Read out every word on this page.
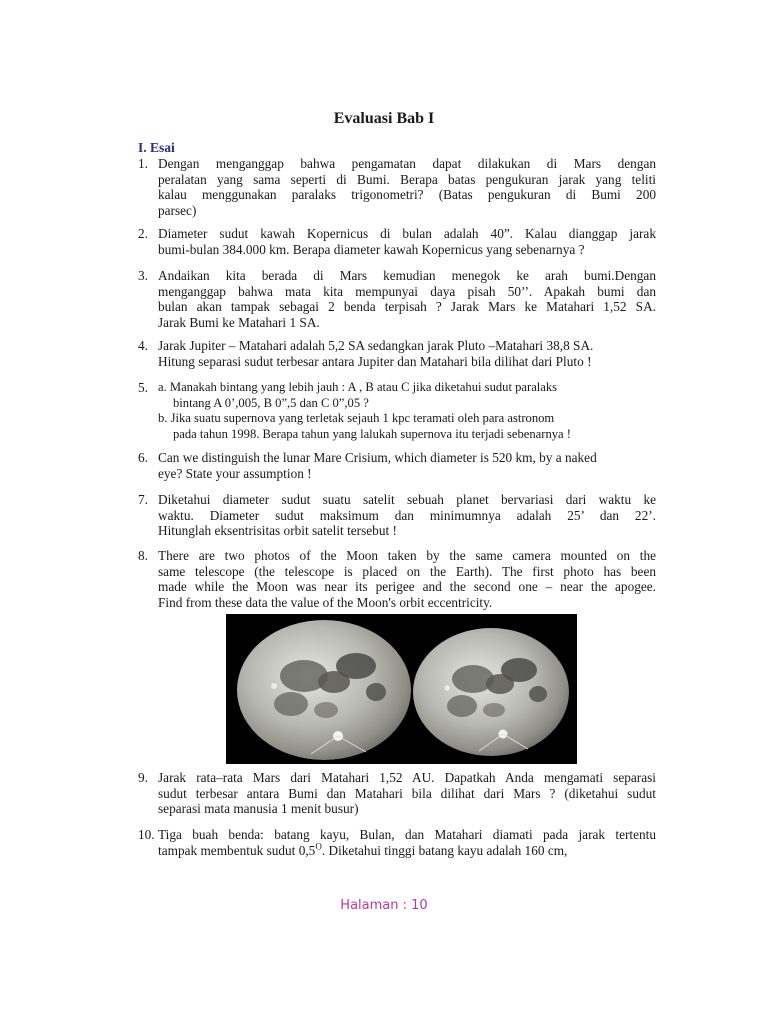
Evaluasi Bab I
I. Esai
1. Dengan menganggap bahwa pengamatan dapat dilakukan di Mars dengan
peralatan yang sama seperti di Bumi. Berapa batas pengukuran jarak yang teliti
kalau menggunakan paralaks trigonometri? (Batas pengukuran di Bumi 200
parsec)
2. Diameter sudut kawah Kopernicus di bulan adalah 40”. Kalau dianggap jarak
bumi-bulan 384.000 km. Berapa diameter kawah Kopernicus yang sebenarnya ?
3. Andaikan kita berada di Mars kemudian menegok ke arah bumi.Dengan
menganggap bahwa mata kita mempunyai daya pisah 50’’. Apakah bumi dan
bulan akan tampak sebagai 2 benda terpisah ? Jarak Mars ke Matahari 1,52 SA.
Jarak Bumi ke Matahari 1 SA.
4. Jarak Jupiter – Matahari adalah 5,2 SA sedangkan jarak Pluto –Matahari 38,8 SA.
Hitung separasi sudut terbesar antara Jupiter dan Matahari bila dilihat dari Pluto !
5. a. Manakah bintang yang lebih jauh : A , B atau C jika diketahui sudut paralaks
bintang A 0’,005, B 0”,5 dan C 0”,05 ?
b. Jika suatu supernova yang terletak sejauh 1 kpc teramati oleh para astronom
pada tahun 1998. Berapa tahun yang lalukah supernova itu terjadi sebenarnya !
6. Can we distinguish the lunar Mare Crisium, which diameter is 520 km, by a naked
eye? State your assumption !
7. Diketahui diameter sudut suatu satelit sebuah planet bervariasi dari waktu ke
waktu. Diameter sudut maksimum dan minimumnya adalah 25’ dan 22’.
Hitunglah eksentrisitas orbit satelit tersebut !
8. There are two photos of the Moon taken by the same camera mounted on the
same telescope (the telescope is placed on the Earth). The first photo has been
made while the Moon was near its perigee and the second one – near the apogee.
Find from these data the value of the Moon's orbit eccentricity.
9. Jarak rata–rata Mars dari Matahari 1,52 AU. Dapatkah Anda mengamati separasi
sudut terbesar antara Bumi dan Matahari bila dilihat dari Mars ? (diketahui sudut
separasi mata manusia 1 menit busur)
10. Tiga buah benda: batang kayu, Bulan, dan Matahari diamati pada jarak tertentu
tampak membentuk sudut $0,5^O$. Diketahui tinggi batang kayu adalah 160 cm,
Halaman : 10
